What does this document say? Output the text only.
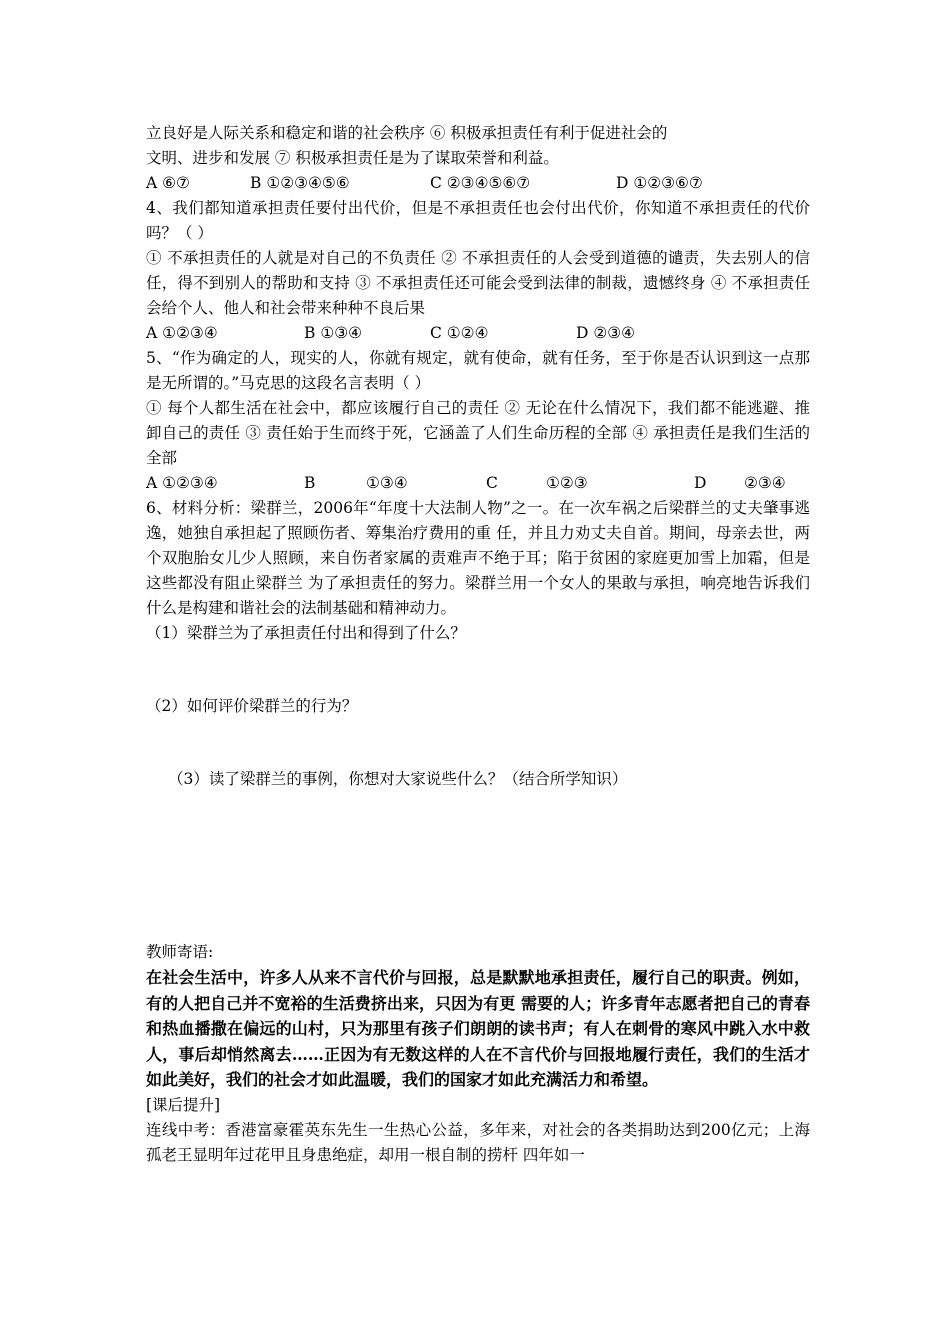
立良好是人际关系和稳定和谐的社会秩序 ⑥ 积极承担责任有利于促进社会的

文明、进步和发展 ⑦ 积极承担责任是为了谋取荣誉和利益。

A ⑥⑦	B ①②③④⑤⑥	C ②③④⑤⑥⑦	D ①②③⑥⑦

4、我们都知道承担责任要付出代价，但是不承担责任也会付出代价，你知道不承担责任的代价吗？（ ）

① 不承担责任的人就是对自己的不负责任 ② 不承担责任的人会受到道德的谴责，失去别人的信任，得不到别人的帮助和支持 ③ 不承担责任还可能会受到法律的制裁，遗憾终身 ④ 不承担责任会给个人、他人和社会带来种种不良后果

A ①②③④	B ①③④	C ①②④	D ②③④

5、“作为确定的人，现实的人，你就有规定，就有使命，就有任务，至于你是否认识到这一点那是无所谓的。”马克思的这段名言表明（ ）

① 每个人都生活在社会中，都应该履行自己的责任 ② 无论在什么情况下，我们都不能逃避、推卸自己的责任 ③ 责任始于生而终于死，它涵盖了人们生命历程的全部 ④ 承担责任是我们生活的全部

A ①②③④	B	①③④	C	①②③	D	②③④

6、材料分析：梁群兰，2006年“年度十大法制人物”之一。在一次车祸之后梁群兰的丈夫肇事逃逸，她独自承担起了照顾伤者、筹集治疗费用的重 任，并且力劝丈夫自首。期间，母亲去世，两个双胞胎女儿少人照顾，来自伤者家属的责难声不绝于耳；陷于贫困的家庭更加雪上加霜，但是这些都没有阻止梁群兰 为了承担责任的努力。梁群兰用一个女人的果敢与承担，响亮地告诉我们什么是构建和谐社会的法制基础和精神动力。

（1）梁群兰为了承担责任付出和得到了什么？

（2）如何评价梁群兰的行为？

（3）读了梁群兰的事例，你想对大家说些什么？（结合所学知识）

教师寄语:

在社会生活中，许多人从来不言代价与回报，总是默默地承担责任，履行自己的职责。例如，有的人把自己并不宽裕的生活费挤出来，只因为有更 需要的人；许多青年志愿者把自己的青春和热血播撒在偏远的山村，只为那里有孩子们朗朗的读书声；有人在刺骨的寒风中跳入水中救人，事后却悄然离去……正因为有无数这样的人在不言代价与回报地履行责任，我们的生活才如此美好，我们的社会才如此温暖，我们的国家才如此充满活力和希望。

[课后提升]

连线中考：香港富豪霍英东先生一生热心公益，多年来，对社会的各类捐助达到200亿元；上海孤老王显明年过花甲且身患绝症，却用一根自制的捞杆 四年如一
